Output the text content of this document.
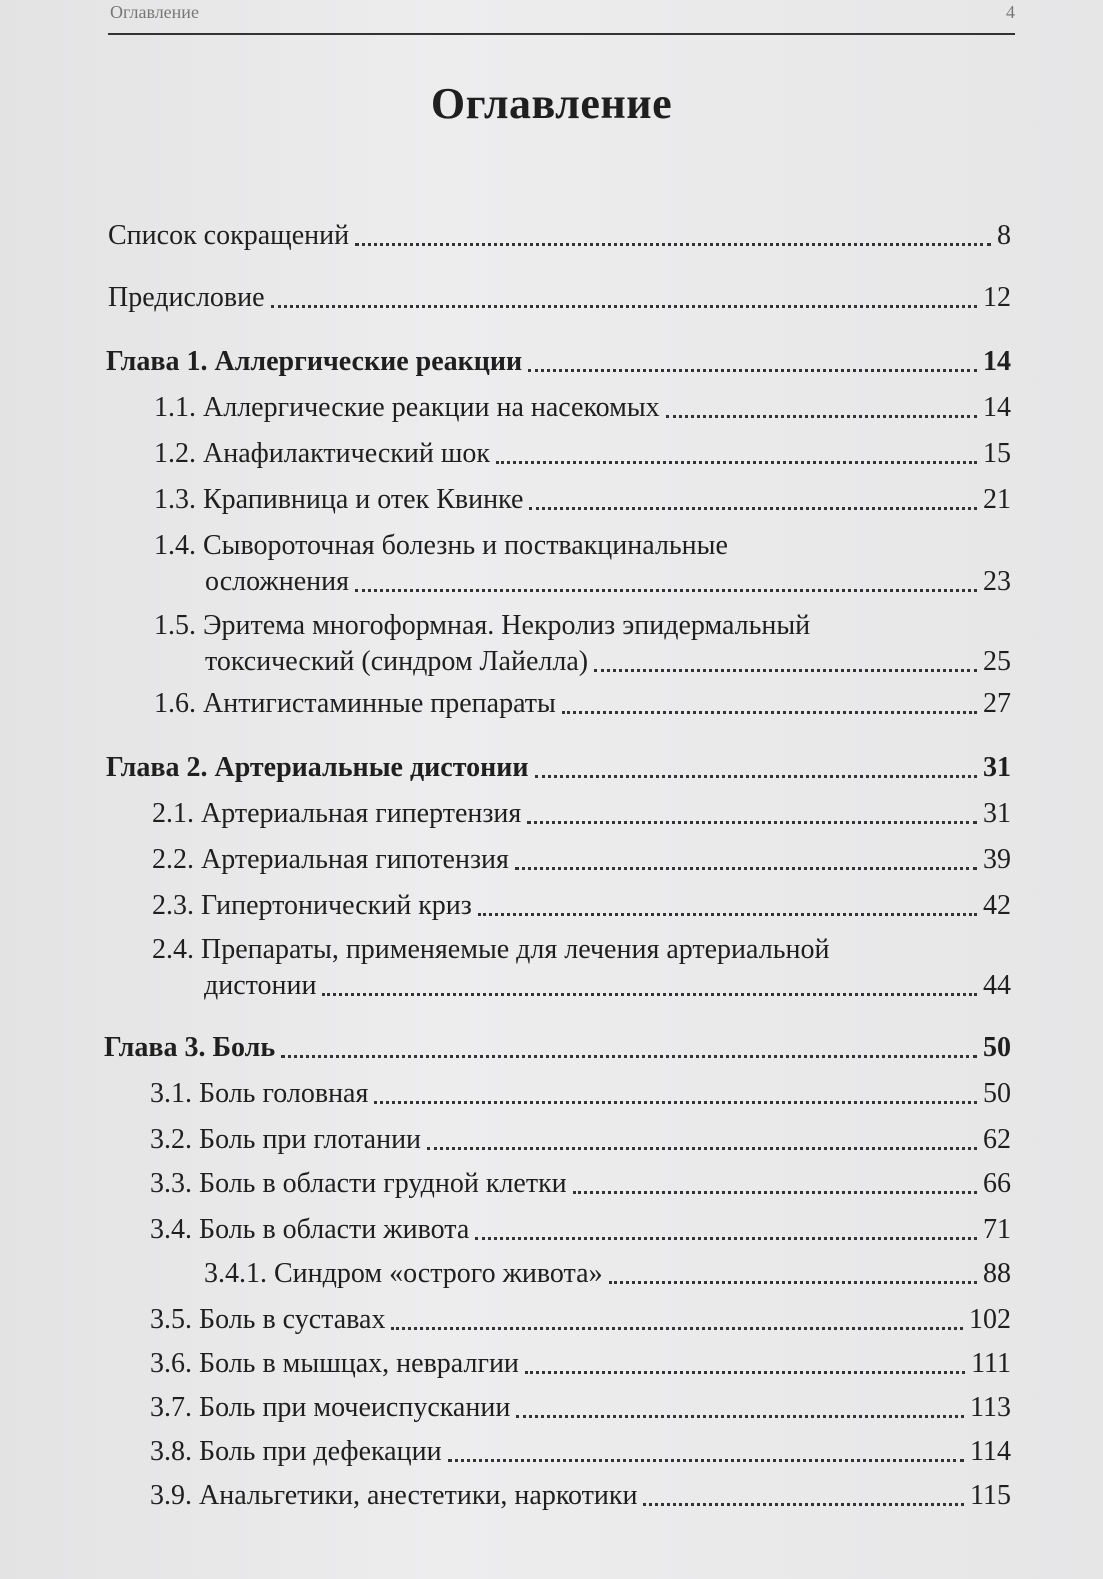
Оглавление	4
Оглавление
Список сокращений	8
Предисловие	12
Глава 1. Аллергические реакции	14
1.1. Аллергические реакции на насекомых	14
1.2. Анафилактический шок	15
1.3. Крапивница и отек Квинке	21
1.4. Сывороточная болезнь и поствакцинальные
осложнения	23
1.5. Эритема многоформная. Некролиз эпидермальный
токсический (синдром Лайелла)	25
1.6. Антигистаминные препараты	27
Глава 2. Артериальные дистонии	31
2.1. Артериальная гипертензия	31
2.2. Артериальная гипотензия	39
2.3. Гипертонический криз	42
2.4. Препараты, применяемые для лечения артериальной
дистонии	44
Глава 3. Боль	50
3.1. Боль головная	50
3.2. Боль при глотании	62
3.3. Боль в области грудной клетки	66
3.4. Боль в области живота	71
3.4.1. Синдром «острого живота»	88
3.5. Боль в суставах	102
3.6. Боль в мышцах, невралгии	111
3.7. Боль при мочеиспускании	113
3.8. Боль при дефекации	114
3.9. Анальгетики, анестетики, наркотики	115
